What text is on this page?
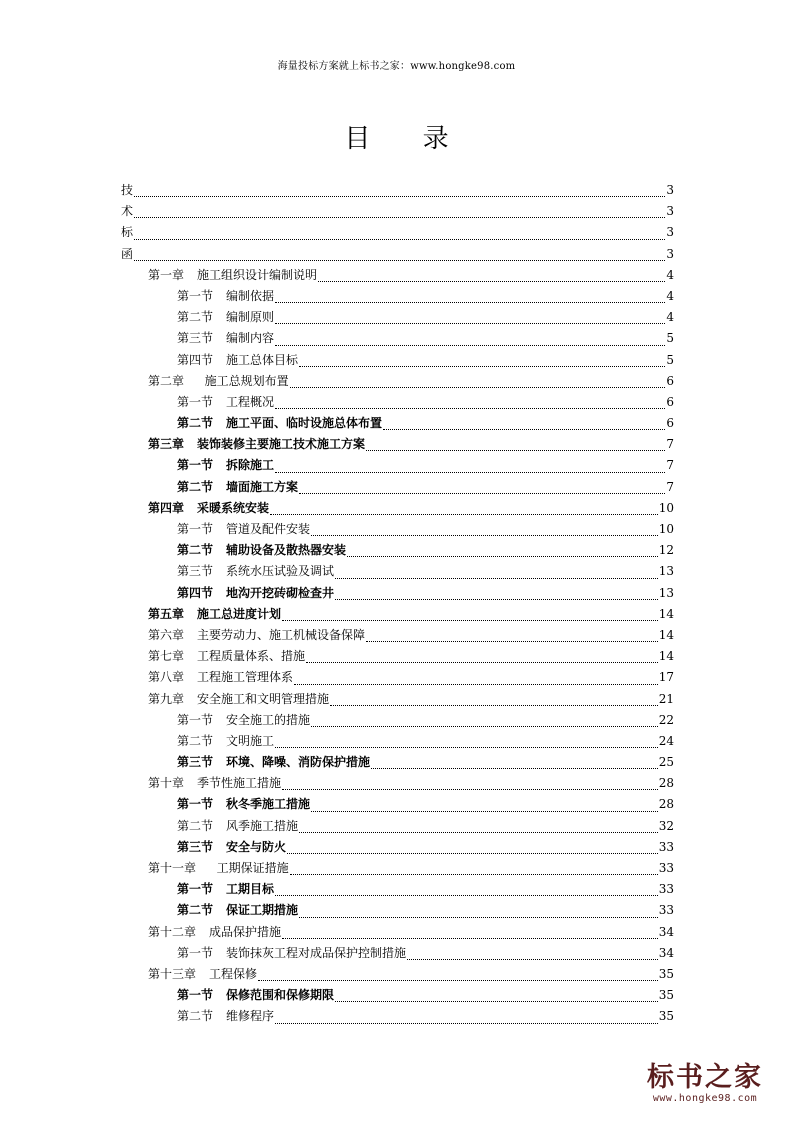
海量投标方案就上标书之家：www.hongke98.com
目 录
技	3
术	3
标	3
函	3
第一章 施工组织设计编制说明	4
第一节 编制依据	4
第二节 编制原则	4
第三节 编制内容	5
第四节 施工总体目标	5
第二章  施工总规划布置	6
第一节 工程概况	6
第二节 施工平面、临时设施总体布置	6
第三章 装饰装修主要施工技术施工方案	7
第一节 拆除施工	7
第二节 墙面施工方案	7
第四章 采暖系统安装	10
第一节 管道及配件安装	10
第二节 辅助设备及散热器安装	12
第三节 系统水压试验及调试	13
第四节 地沟开挖砖砌检查井	13
第五章 施工总进度计划	14
第六章 主要劳动力、施工机械设备保障	14
第七章 工程质量体系、措施	14
第八章 工程施工管理体系	17
第九章 安全施工和文明管理措施	21
第一节 安全施工的措施	22
第二节 文明施工	24
第三节 环境、降噪、消防保护措施	25
第十章 季节性施工措施	28
第一节 秋冬季施工措施	28
第二节 风季施工措施	32
第三节 安全与防火	33
第十一章  工期保证措施	33
第一节 工期目标	33
第二节 保证工期措施	33
第十二章 成品保护措施	34
第一节 装饰抹灰工程对成品保护控制措施	34
第十三章 工程保修	35
第一节 保修范围和保修期限	35
第二节 维修程序	35
标书之家
www.hongke98.com
